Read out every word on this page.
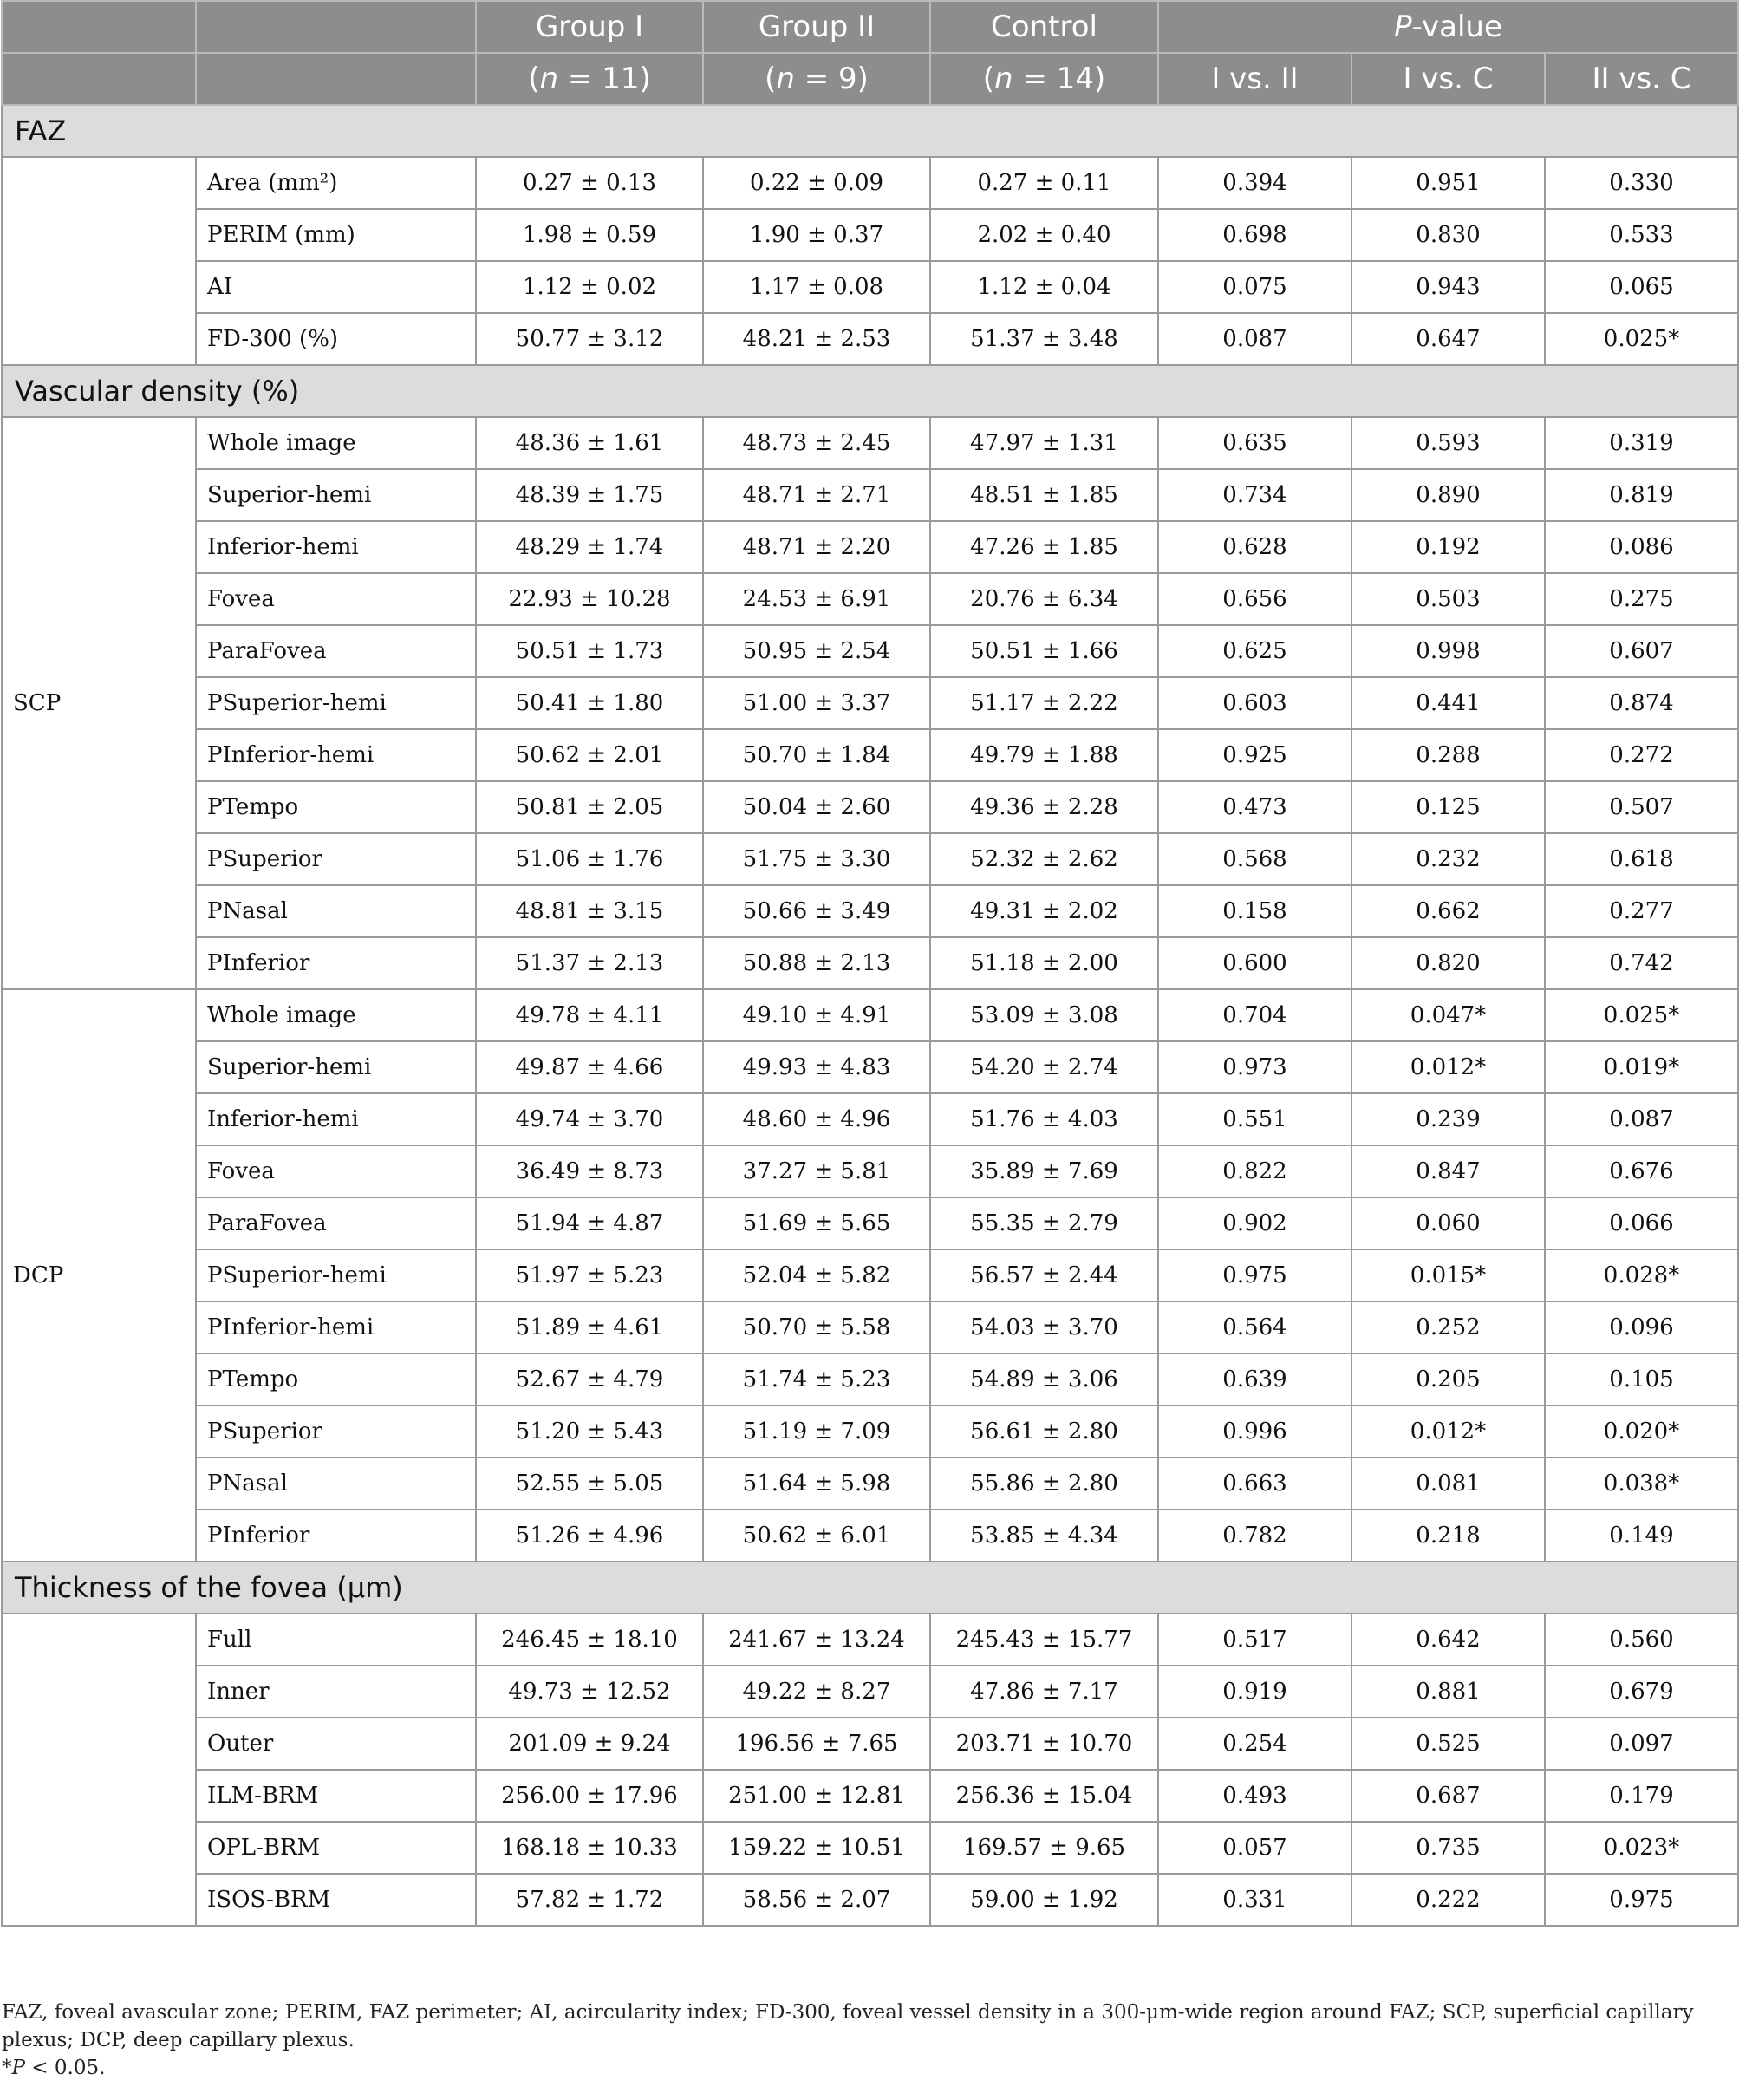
		Group I	Group II	Control	P-value		
		(n = 11)	(n = 9)	(n = 14)	I vs. II	I vs. C	II vs. C
FAZ							
	Area (mm²)	0.27 ± 0.13	0.22 ± 0.09	0.27 ± 0.11	0.394	0.951	0.330
	PERIM (mm)	1.98 ± 0.59	1.90 ± 0.37	2.02 ± 0.40	0.698	0.830	0.533
	AI	1.12 ± 0.02	1.17 ± 0.08	1.12 ± 0.04	0.075	0.943	0.065
	FD-300 (%)	50.77 ± 3.12	48.21 ± 2.53	51.37 ± 3.48	0.087	0.647	0.025*
Vascular density (%)							
SCP	Whole image	48.36 ± 1.61	48.73 ± 2.45	47.97 ± 1.31	0.635	0.593	0.319
	Superior-hemi	48.39 ± 1.75	48.71 ± 2.71	48.51 ± 1.85	0.734	0.890	0.819
	Inferior-hemi	48.29 ± 1.74	48.71 ± 2.20	47.26 ± 1.85	0.628	0.192	0.086
	Fovea	22.93 ± 10.28	24.53 ± 6.91	20.76 ± 6.34	0.656	0.503	0.275
	ParaFovea	50.51 ± 1.73	50.95 ± 2.54	50.51 ± 1.66	0.625	0.998	0.607
	PSuperior-hemi	50.41 ± 1.80	51.00 ± 3.37	51.17 ± 2.22	0.603	0.441	0.874
	PInferior-hemi	50.62 ± 2.01	50.70 ± 1.84	49.79 ± 1.88	0.925	0.288	0.272
	PTempo	50.81 ± 2.05	50.04 ± 2.60	49.36 ± 2.28	0.473	0.125	0.507
	PSuperior	51.06 ± 1.76	51.75 ± 3.30	52.32 ± 2.62	0.568	0.232	0.618
	PNasal	48.81 ± 3.15	50.66 ± 3.49	49.31 ± 2.02	0.158	0.662	0.277
	PInferior	51.37 ± 2.13	50.88 ± 2.13	51.18 ± 2.00	0.600	0.820	0.742
DCP	Whole image	49.78 ± 4.11	49.10 ± 4.91	53.09 ± 3.08	0.704	0.047*	0.025*
	Superior-hemi	49.87 ± 4.66	49.93 ± 4.83	54.20 ± 2.74	0.973	0.012*	0.019*
	Inferior-hemi	49.74 ± 3.70	48.60 ± 4.96	51.76 ± 4.03	0.551	0.239	0.087
	Fovea	36.49 ± 8.73	37.27 ± 5.81	35.89 ± 7.69	0.822	0.847	0.676
	ParaFovea	51.94 ± 4.87	51.69 ± 5.65	55.35 ± 2.79	0.902	0.060	0.066
	PSuperior-hemi	51.97 ± 5.23	52.04 ± 5.82	56.57 ± 2.44	0.975	0.015*	0.028*
	PInferior-hemi	51.89 ± 4.61	50.70 ± 5.58	54.03 ± 3.70	0.564	0.252	0.096
	PTempo	52.67 ± 4.79	51.74 ± 5.23	54.89 ± 3.06	0.639	0.205	0.105
	PSuperior	51.20 ± 5.43	51.19 ± 7.09	56.61 ± 2.80	0.996	0.012*	0.020*
	PNasal	52.55 ± 5.05	51.64 ± 5.98	55.86 ± 2.80	0.663	0.081	0.038*
	PInferior	51.26 ± 4.96	50.62 ± 6.01	53.85 ± 4.34	0.782	0.218	0.149
Thickness of the fovea (μm)							
	Full	246.45 ± 18.10	241.67 ± 13.24	245.43 ± 15.77	0.517	0.642	0.560
	Inner	49.73 ± 12.52	49.22 ± 8.27	47.86 ± 7.17	0.919	0.881	0.679
	Outer	201.09 ± 9.24	196.56 ± 7.65	203.71 ± 10.70	0.254	0.525	0.097
	ILM-BRM	256.00 ± 17.96	251.00 ± 12.81	256.36 ± 15.04	0.493	0.687	0.179
	OPL-BRM	168.18 ± 10.33	159.22 ± 10.51	169.57 ± 9.65	0.057	0.735	0.023*
	ISOS-BRM	57.82 ± 1.72	58.56 ± 2.07	59.00 ± 1.92	0.331	0.222	0.975

FAZ, foveal avascular zone; PERIM, FAZ perimeter; AI, acircularity index; FD-300, foveal vessel density in a 300-μm-wide region around FAZ; SCP, superficial capillary plexus; DCP, deep capillary plexus.

*P < 0.05.
